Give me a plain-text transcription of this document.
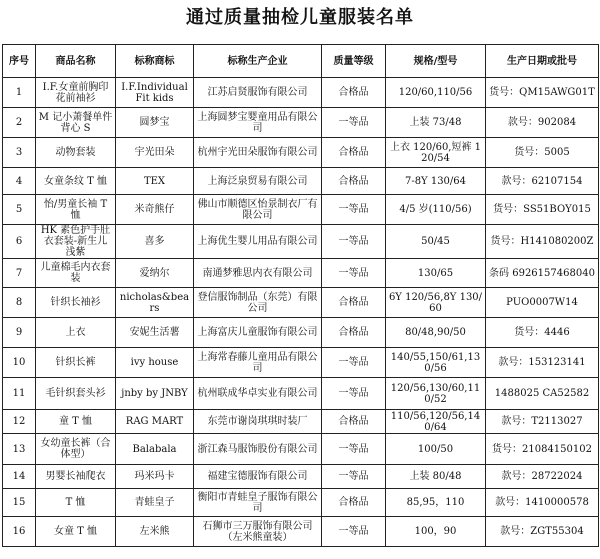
通过质量抽检儿童服装名单
序号	商品名称	标称商标	标称生产企业	质量等级	规格/型号	生产日期或批号
1	I.F.女童前胸印花前袖衫	I.F.Individual Fit kids	江苏启贤服饰有限公司	合格品	120/60,110/56	货号：QM15AWG01T
2	M 记小萧餐单件背心 S	圆梦宝	上海圆梦宝婴童用品有限公司	一等品	上装 73/48	款号：902084
3	动物套装	宇光田朵	杭州宇光田朵服饰有限公司	合格品	上衣 120/60,短裤 120/54	货号：5005
4	女童条纹 T 恤	TEX	上海泛泉贸易有限公司	合格品	7-8Y 130/64	款号：62107154
5	怡/男童长袖 T 恤	米奇熊仔	佛山市顺德区怡景制衣厂有限公司	一等品	4/5 岁(110/56)	货号：SS51BOY015
6	HK 素色护手肚衣套装-新生儿 浅紫	喜多	上海优生婴儿用品有限公司	一等品	50/45	货号：H141080200Z
7	儿童棉毛内衣套装	爱纳尔	南通梦雅思内衣有限公司	一等品	130/65	条码 6926157468040
8	针织长袖衫	nicholas&bears	登信服饰制品（东莞）有限公司	合格品	6Y 120/56,8Y 130/60	PUO0007W14
9	上衣	安妮生活薯	上海富庆儿童服饰有限公司	合格品	80/48,90/50	货号：4446
10	针织长裤	ivy house	上海常春藤儿童用品有限公司	一等品	140/55,150/61,130/56	款号：153123141
11	毛针织套头衫	jnby by JNBY	杭州联成华卓实业有限公司	一等品	120/56,130/60,110/52	1488025 CA52582
12	童 T 恤	RAG MART	东莞市谢岗琪琪时装厂	合格品	110/56,120/56,140/64	款号：T2113027
13	女幼童长裤（合体型）	Balabala	浙江森马服饰股份有限公司	一等品	100/50	货号：21084150102
14	男婴长袖爬衣	玛米玛卡	福建宝德服饰有限公司	一等品	上装 80/48	款号：28722024
15	T 恤	青蛙皇子	衡阳市青蛙皇子服饰有限公司	合格品	85,95，110	款号：1410000578
16	女童 T 恤	左米熊	石狮市三万服饰有限公司（左米熊童装）	一等品	100，90	款号：ZGT55304
